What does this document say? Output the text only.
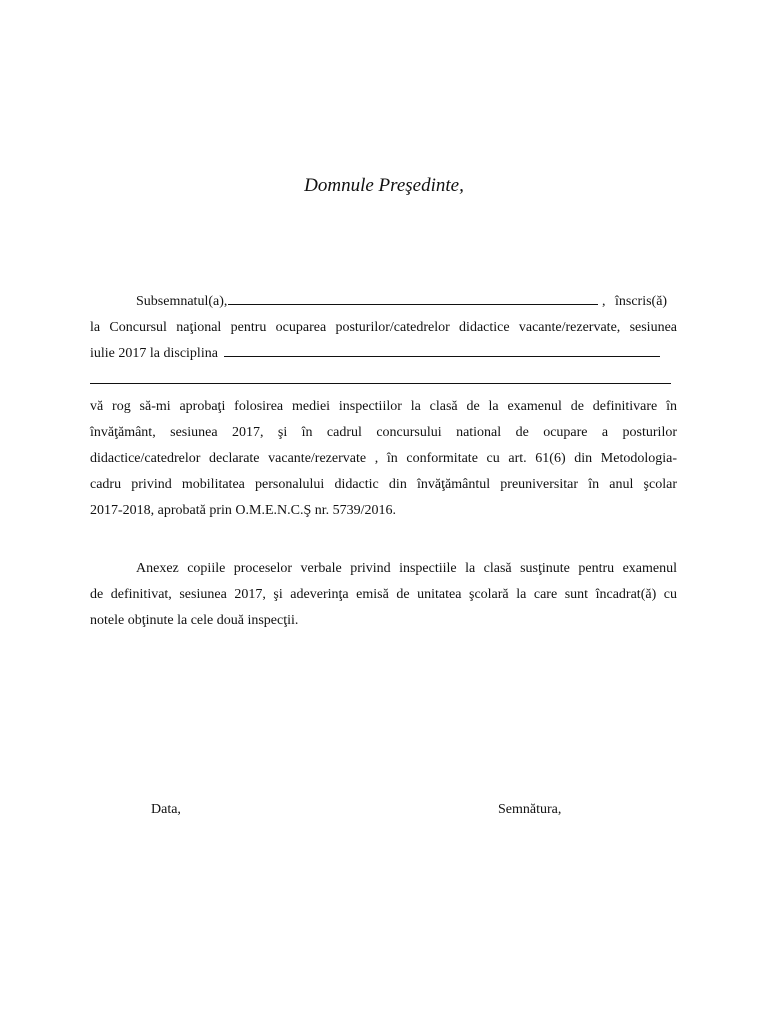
Domnule Preşedinte,
Subsemnatul(a),	, înscris(ă)
la Concursul naţional pentru ocuparea posturilor/catedrelor didactice vacante/rezervate, sesiunea
iulie 2017 la disciplina
vă rog să-mi aprobaţi folosirea mediei inspectiilor la clasă de la examenul de definitivare în
învăţământ, sesiunea 2017, şi în cadrul concursului national de ocupare a posturilor
didactice/catedrelor declarate vacante/rezervate , în conformitate cu art. 61(6) din Metodologia-
cadru privind mobilitatea personalului didactic din învăţământul preuniversitar în anul şcolar
2017-2018, aprobată prin O.M.E.N.C.Ş nr. 5739/2016.
Anexez copiile proceselor verbale privind inspectiile la clasă susţinute pentru examenul
de definitivat, sesiunea 2017, şi adeverinţa emisă de unitatea şcolară la care sunt încadrat(ă) cu
notele obţinute la cele două inspecţii.
Data,	Semnătura,
